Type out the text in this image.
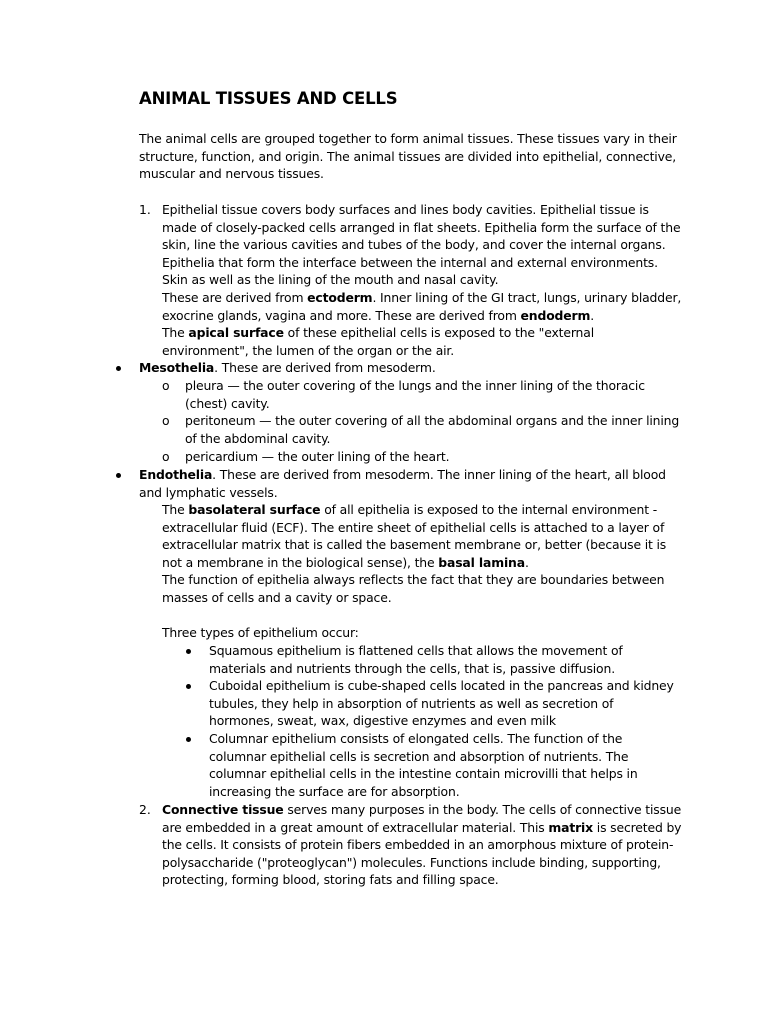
ANIMAL TISSUES AND CELLS
The animal cells are grouped together to form animal tissues. These tissues vary in their structure, function, and origin. The animal tissues are divided into epithelial, connective, muscular and nervous tissues.
1. Epithelial tissue covers body surfaces and lines body cavities. Epithelial tissue is made of closely-packed cells arranged in flat sheets. Epithelia form the surface of the skin, line the various cavities and tubes of the body, and cover the internal organs. Epithelia that form the interface between the internal and external environments. Skin as well as the lining of the mouth and nasal cavity.
These are derived from ectoderm. Inner lining of the GI tract, lungs, urinary bladder, exocrine glands, vagina and more. These are derived from endoderm.
The apical surface of these epithelial cells is exposed to the "external environment", the lumen of the organ or the air.
Mesothelia. These are derived from mesoderm.
o pleura — the outer covering of the lungs and the inner lining of the thoracic (chest) cavity.
o peritoneum — the outer covering of all the abdominal organs and the inner lining of the abdominal cavity.
o pericardium — the outer lining of the heart.
Endothelia. These are derived from mesoderm. The inner lining of the heart, all blood and lymphatic vessels.
The basolateral surface of all epithelia is exposed to the internal environment - extracellular fluid (ECF). The entire sheet of epithelial cells is attached to a layer of extracellular matrix that is called the basement membrane or, better (because it is not a membrane in the biological sense), the basal lamina.
The function of epithelia always reflects the fact that they are boundaries between masses of cells and a cavity or space.
Three types of epithelium occur:
Squamous epithelium is flattened cells that allows the movement of materials and nutrients through the cells, that is, passive diffusion.
Cuboidal epithelium is cube-shaped cells located in the pancreas and kidney tubules, they help in absorption of nutrients as well as secretion of hormones, sweat, wax, digestive enzymes and even milk
Columnar epithelium consists of elongated cells. The function of the columnar epithelial cells is secretion and absorption of nutrients. The columnar epithelial cells in the intestine contain microvilli that helps in increasing the surface are for absorption.
2. Connective tissue serves many purposes in the body. The cells of connective tissue are embedded in a great amount of extracellular material. This matrix is secreted by the cells. It consists of protein fibers embedded in an amorphous mixture of protein-polysaccharide ("proteoglycan") molecules. Functions include binding, supporting, protecting, forming blood, storing fats and filling space.
